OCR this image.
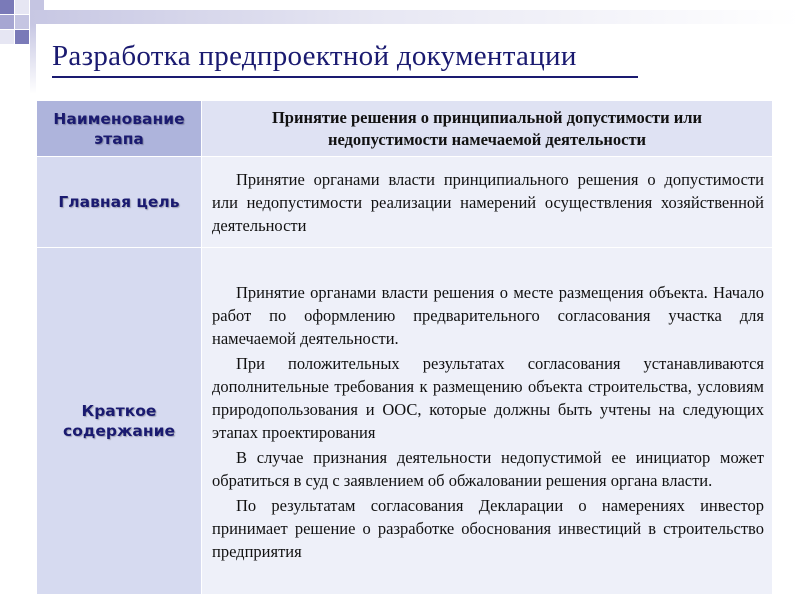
Разработка предпроектной документации
Наименование этапа	Принятие решения о принципиальной допустимости или недопустимости намечаемой деятельности
Главная цель	Принятие органами власти принципиального решения о допустимости или недопустимости реализации намерений осуществления хозяйственной деятельности

Краткое содержание	Принятие органами власти решения о месте размещения объекта. Начало работ по оформлению предварительного согласования участка для намечаемой деятельности.

При положительных результатах согласования устанавливаются дополнительные требования к размещению объекта строительства, условиям природопользования и ООС, которые должны быть учтены на следующих этапах проектирования

В случае признания деятельности недопустимой ее инициатор может обратиться в суд с заявлением об обжаловании решения органа власти.

По результатам согласования Декларации о намерениях инвестор принимает решение о разработке обоснования инвестиций в строительство предприятия
